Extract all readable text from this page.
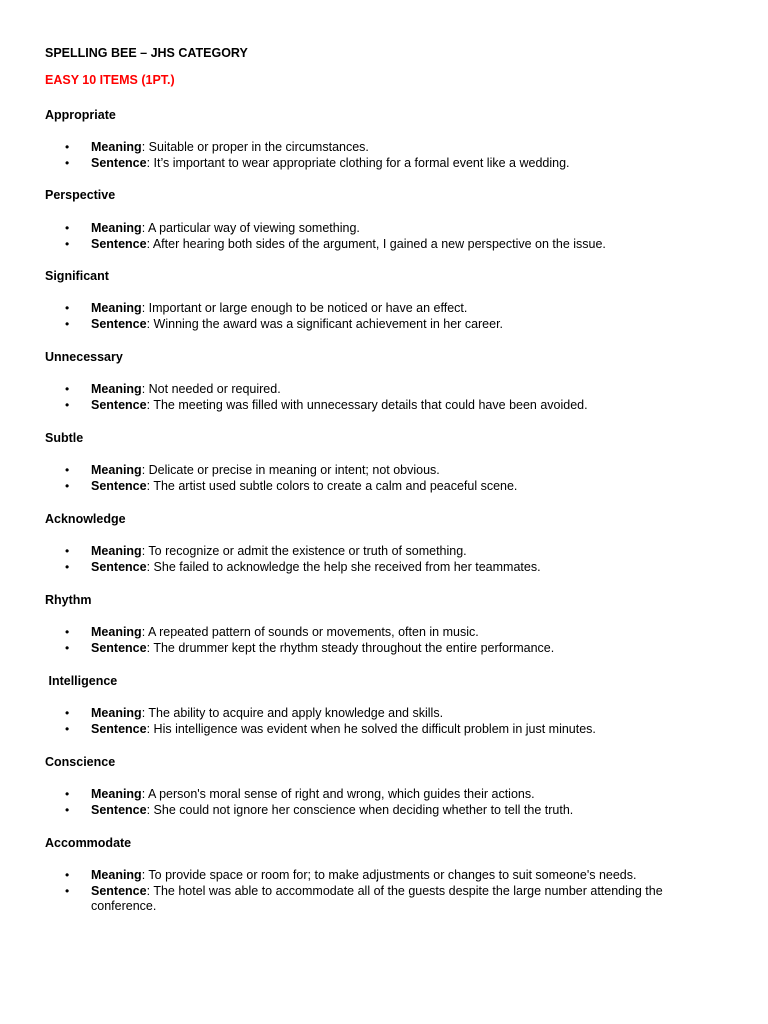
SPELLING BEE – JHS CATEGORY
EASY 10 ITEMS (1PT.)
Appropriate
• Meaning: Suitable or proper in the circumstances.
• Sentence: It’s important to wear appropriate clothing for a formal event like a wedding.
Perspective
• Meaning: A particular way of viewing something.
• Sentence: After hearing both sides of the argument, I gained a new perspective on the issue.
Significant
• Meaning: Important or large enough to be noticed or have an effect.
• Sentence: Winning the award was a significant achievement in her career.
Unnecessary
• Meaning: Not needed or required.
• Sentence: The meeting was filled with unnecessary details that could have been avoided.
Subtle
• Meaning: Delicate or precise in meaning or intent; not obvious.
• Sentence: The artist used subtle colors to create a calm and peaceful scene.
Acknowledge
• Meaning: To recognize or admit the existence or truth of something.
• Sentence: She failed to acknowledge the help she received from her teammates.
Rhythm
• Meaning: A repeated pattern of sounds or movements, often in music.
• Sentence: The drummer kept the rhythm steady throughout the entire performance.
Intelligence
• Meaning: The ability to acquire and apply knowledge and skills.
• Sentence: His intelligence was evident when he solved the difficult problem in just minutes.
Conscience
• Meaning: A person's moral sense of right and wrong, which guides their actions.
• Sentence: She could not ignore her conscience when deciding whether to tell the truth.
Accommodate
• Meaning: To provide space or room for; to make adjustments or changes to suit someone's needs.
• Sentence: The hotel was able to accommodate all of the guests despite the large number attending the conference.
